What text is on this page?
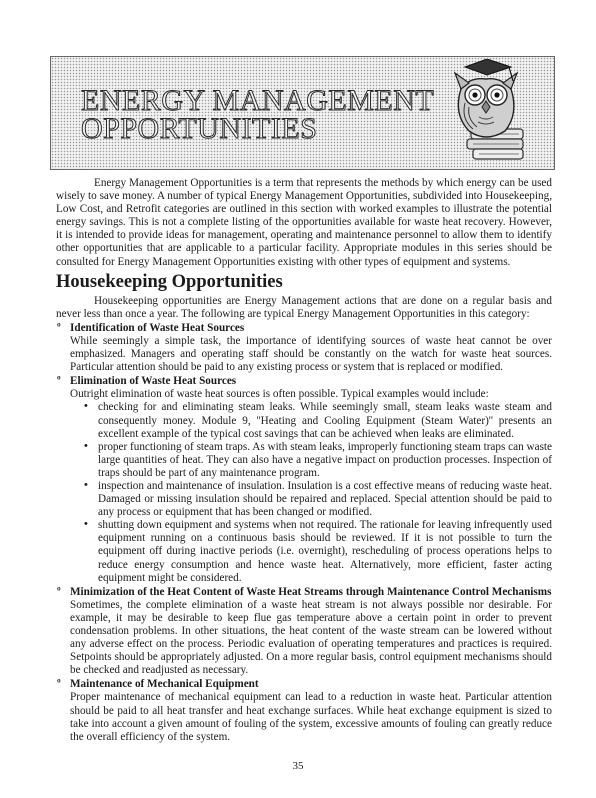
ENERGY MANAGEMENT
OPPORTUNITIES

Energy Management Opportunities is a term that represents the methods by which energy can be used wisely to save money. A number of typical Energy Management Opportunities, subdivided into Housekeeping, Low Cost, and Retrofit categories are outlined in this section with worked examples to illustrate the potential energy savings. This is not a complete listing of the opportunities available for waste heat recovery. However, it is intended to provide ideas for management, operating and maintenance personnel to allow them to identify other opportunities that are applicable to a particular facility. Appropriate modules in this series should be consulted for Energy Management Opportunities existing with other types of equipment and systems.

Housekeeping Opportunities

Housekeeping opportunities are Energy Management actions that are done on a regular basis and never less than once a year. The following are typical Energy Management Opportunities in this category:

º Identification of Waste Heat Sources

While seemingly a simple task, the importance of identifying sources of waste heat cannot be over emphasized. Managers and operating staff should be constantly on the watch for waste heat sources. Particular attention should be paid to any existing process or system that is replaced or modified.

º Elimination of Waste Heat Sources

Outright elimination of waste heat sources is often possible. Typical examples would include:

• checking for and eliminating steam leaks. While seemingly small, steam leaks waste steam and consequently money. Module 9, ''Heating and Cooling Equipment (Steam Water)'' presents an excellent example of the typical cost savings that can be achieved when leaks are eliminated.
• proper functioning of steam traps. As with steam leaks, improperly functioning steam traps can waste large quantities of heat. They can also have a negative impact on production processes. Inspection of traps should be part of any maintenance program.
• inspection and maintenance of insulation. Insulation is a cost effective means of reducing waste heat. Damaged or missing insulation should be repaired and replaced. Special attention should be paid to any process or equipment that has been changed or modified.
• shutting down equipment and systems when not required. The rationale for leaving infrequently used equipment running on a continuous basis should be reviewed. If it is not possible to turn the equipment off during inactive periods (i.e. overnight), rescheduling of process operations helps to reduce energy consumption and hence waste heat. Alternatively, more efficient, faster acting equipment might be considered.
º Minimization of the Heat Content of Waste Heat Streams through Maintenance Control Mechanisms

Sometimes, the complete elimination of a waste heat stream is not always possible nor desirable. For example, it may be desirable to keep flue gas temperature above a certain point in order to prevent condensation problems. In other situations, the heat content of the waste stream can be lowered without any adverse effect on the process. Periodic evaluation of operating temperatures and practices is required. Setpoints should be appropriately adjusted. On a more regular basis, control equipment mechanisms should be checked and readjusted as necessary.

º Maintenance of Mechanical Equipment

Proper maintenance of mechanical equipment can lead to a reduction in waste heat. Particular attention should be paid to all heat transfer and heat exchange surfaces. While heat exchange equipment is sized to take into account a given amount of fouling of the system, excessive amounts of fouling can greatly reduce the overall efficiency of the system.

35
